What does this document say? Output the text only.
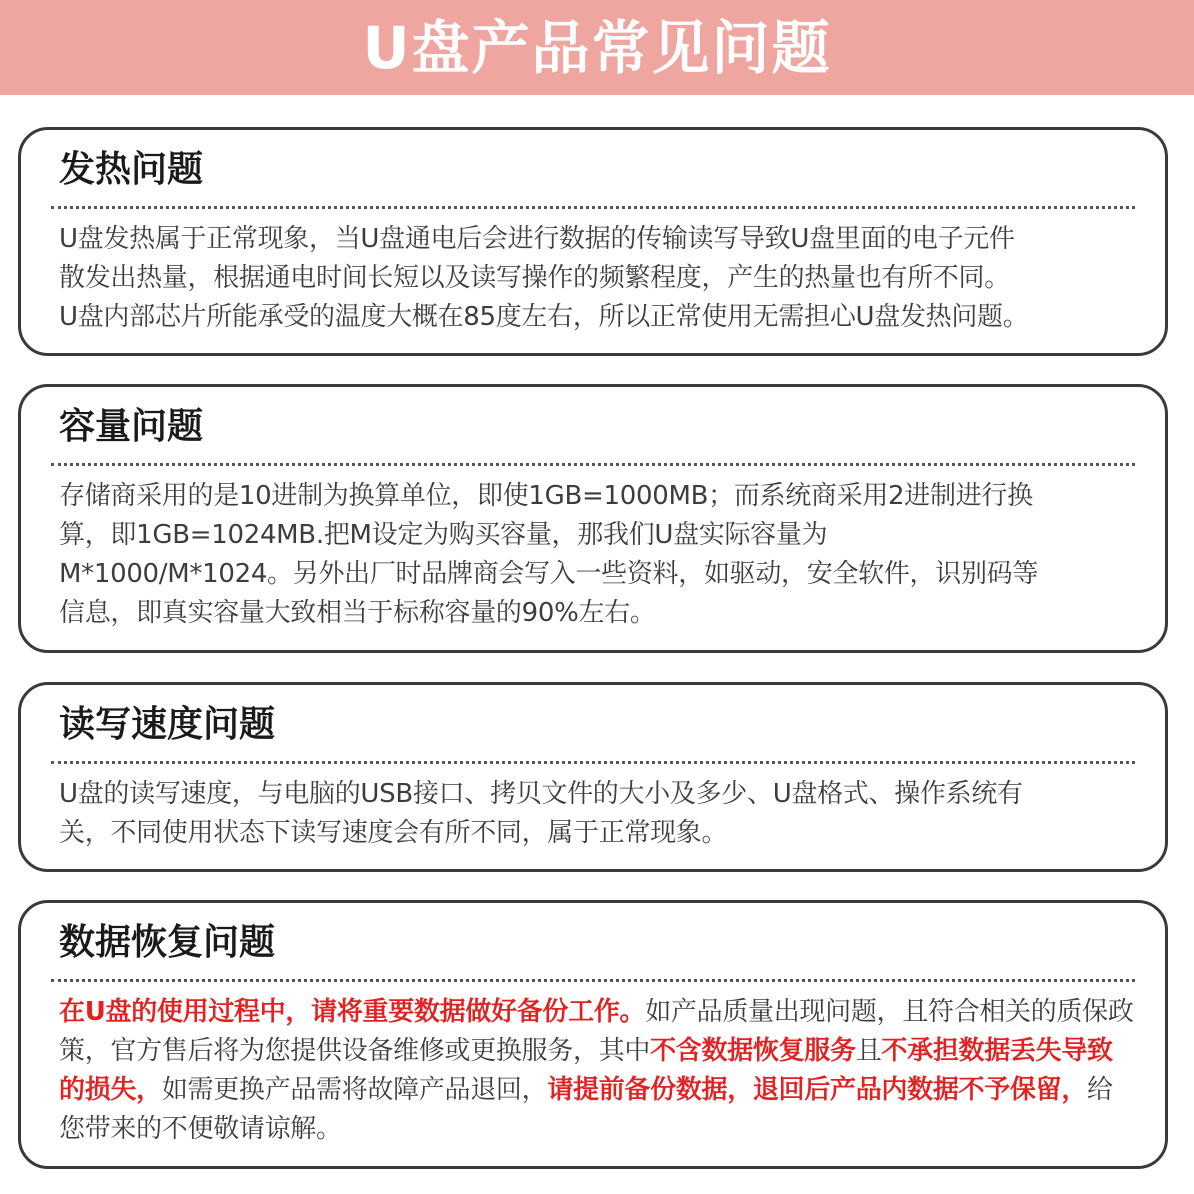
U盘产品常见问题
发热问题
U盘发热属于正常现象，当U盘通电后会进行数据的传输读写导致U盘里面的电子元件
散发出热量，根据通电时间长短以及读写操作的频繁程度，产生的热量也有所不同。
U盘内部芯片所能承受的温度大概在85度左右，所以正常使用无需担心U盘发热问题。
容量问题
存储商采用的是10进制为换算单位，即使1GB=1000MB；而系统商采用2进制进行换
算，即1GB=1024MB.把M设定为购买容量，那我们U盘实际容量为
M*1000/M*1024。另外出厂时品牌商会写入一些资料，如驱动，安全软件，识别码等
信息，即真实容量大致相当于标称容量的90%左右。
读写速度问题
U盘的读写速度，与电脑的USB接口、拷贝文件的大小及多少、U盘格式、操作系统有
关，不同使用状态下读写速度会有所不同，属于正常现象。
数据恢复问题
在U盘的使用过程中，请将重要数据做好备份工作。如产品质量出现问题，且符合相关的质保政策，官方售后将为您提供设备维修或更换服务，其中不含数据恢复服务且不承担数据丢失导致的损失，如需更换产品需将故障产品退回，请提前备份数据，退回后产品内数据不予保留，给您带来的不便敬请谅解。
